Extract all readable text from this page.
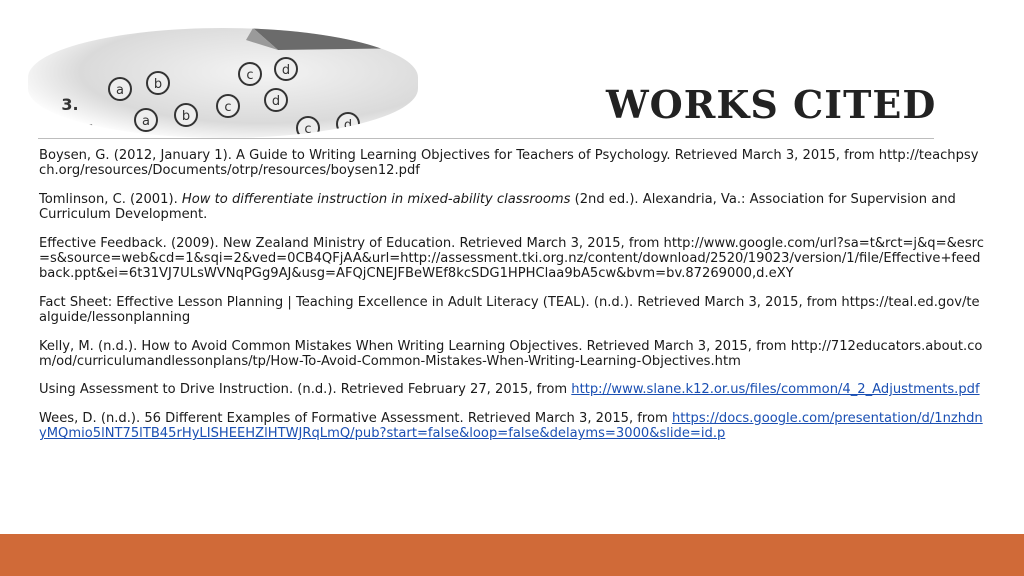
c d
3.
a b
c	d
4.	a b
c d	WORKS CITED

Boysen, G. (2012, January 1). A Guide to Writing Learning Objectives for Teachers of Psychology. Retrieved March 3, 2015, from http://teachpsych.org/resources/Documents/otrp/resources/boysen12.pdf

Tomlinson, C. (2001). How to differentiate instruction in mixed-ability classrooms (2nd ed.). Alexandria, Va.: Association for Supervision and Curriculum Development.

Effective Feedback. (2009). New Zealand Ministry of Education. Retrieved March 3, 2015, from http://www.google.com/url?sa=t&rct=j&q=&esrc=s&source=web&cd=1&sqi=2&ved=0CB4QFjAA&url=http://assessment.tki.org.nz/content/download/2520/19023/version/1/file/Effective+feedback.ppt&ei=6t31VJ7ULsWVNqPGg9AJ&usg=AFQjCNEJFBeWEf8kcSDG1HPHClaa9bA5cw&bvm=bv.87269000,d.eXY

Fact Sheet: Effective Lesson Planning | Teaching Excellence in Adult Literacy (TEAL). (n.d.). Retrieved March 3, 2015, from https://teal.ed.gov/tealguide/lessonplanning

Kelly, M. (n.d.). How to Avoid Common Mistakes When Writing Learning Objectives. Retrieved March 3, 2015, from http://712educators.about.com/od/curriculumandlessonplans/tp/How-To-Avoid-Common-Mistakes-When-Writing-Learning-Objectives.htm

Using Assessment to Drive Instruction. (n.d.). Retrieved February 27, 2015, from http://www.slane.k12.or.us/files/common/4_2_Adjustments.pdf

Wees, D. (n.d.). 56 Different Examples of Formative Assessment. Retrieved March 3, 2015, from https://docs.google.com/presentation/d/1nzhdnyMQmio5lNT75lTB45rHyLISHEEHZlHTWJRqLmQ/pub?start=false&loop=false&delayms=3000&slide=id.p
